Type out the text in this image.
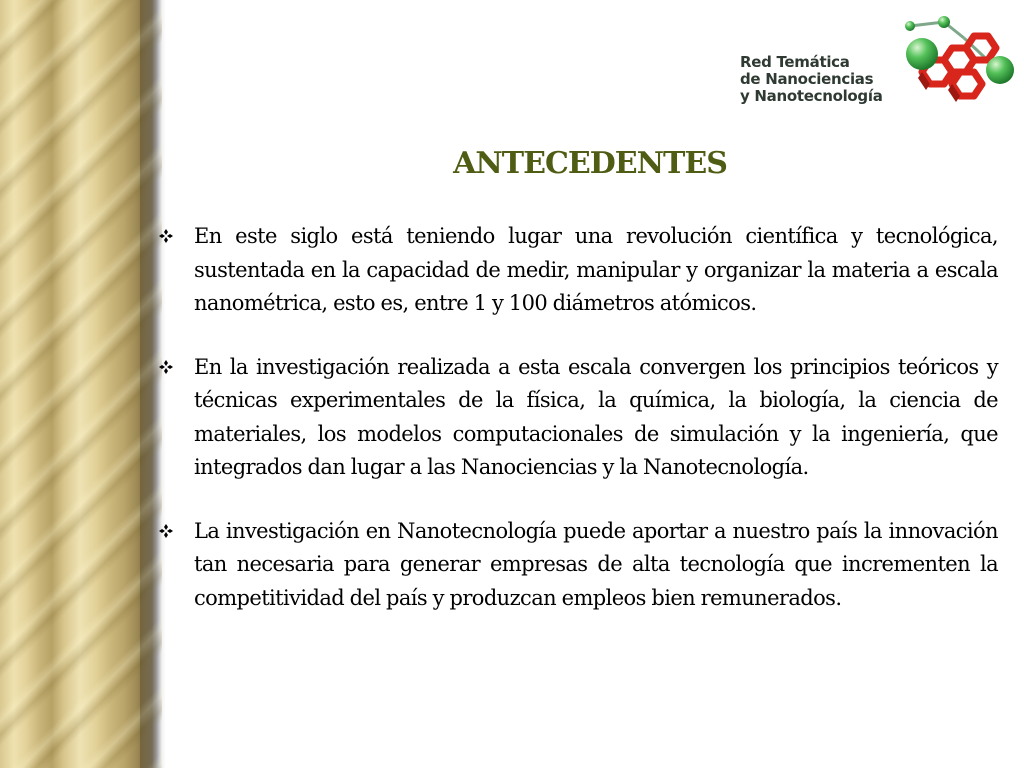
Red Temática
de Nanociencias
y Nanotecnología
ANTECEDENTES
En este siglo está teniendo lugar una revolución científica y tecnológica, sustentada en la capacidad de medir, manipular y organizar la materia a escala nanométrica, esto es, entre 1 y 100 diámetros atómicos.
En la investigación realizada a esta escala convergen los principios teóricos y técnicas experimentales de la física, la química, la biología, la ciencia de materiales, los modelos computacionales de simulación y la ingeniería, que integrados dan lugar a las Nanociencias y la Nanotecnología.
La investigación en Nanotecnología puede aportar a nuestro país la innovación tan necesaria para generar empresas de alta tecnología que incrementen la competitividad del país y produzcan empleos bien remunerados.
